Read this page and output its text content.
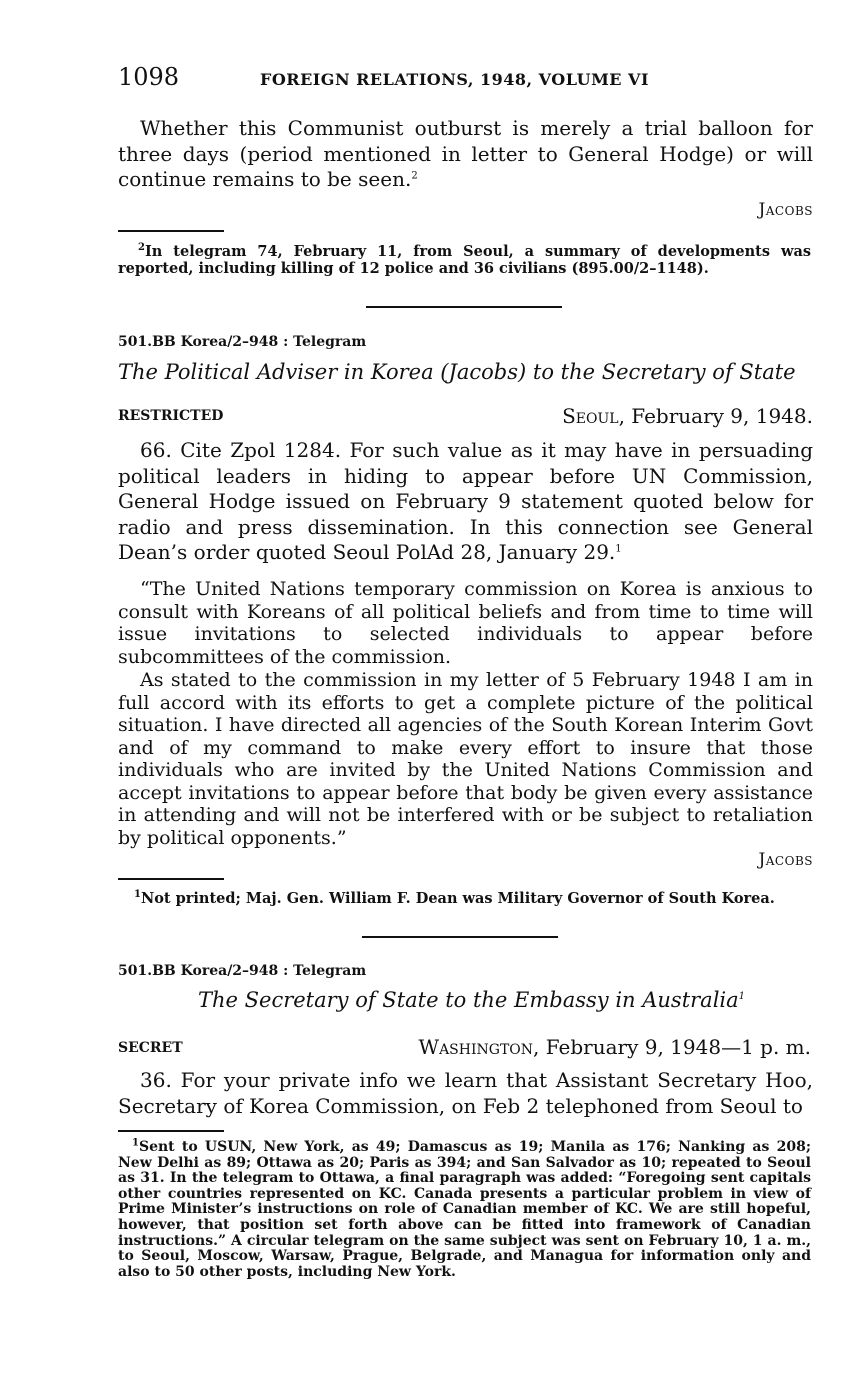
1098	FOREIGN RELATIONS, 1948, VOLUME VI

Whether this Communist outburst is merely a trial balloon for three days (period mentioned in letter to General Hodge) or will continue remains to be seen.$^2$

Jacobs

$^2$In telegram 74, February 11, from Seoul, a summary of developments was reported, including killing of 12 police and 36 civilians (895.00/2–1148).

501.BB Korea/2–948 : Telegram
The Political Adviser in Korea (Jacobs) to the Secretary of State
RESTRICTED	Seoul, February 9, 1948.

66. Cite Zpol 1284. For such value as it may have in persuading political leaders in hiding to appear before UN Commission, General Hodge issued on February 9 statement quoted below for radio and press dissemination. In this connection see General Dean’s order quoted Seoul PolAd 28, January 29.$^1$

“The United Nations temporary commission on Korea is anxious to consult with Koreans of all political beliefs and from time to time will issue invitations to selected individuals to appear before subcommittees of the commission.

As stated to the commission in my letter of 5 February 1948 I am in full accord with its efforts to get a complete picture of the political situation. I have directed all agencies of the South Korean Interim Govt and of my command to make every effort to insure that those individuals who are invited by the United Nations Commission and accept invitations to appear before that body be given every assistance in attending and will not be interfered with or be subject to retaliation by political opponents.”

Jacobs

$^1$Not printed; Maj. Gen. William F. Dean was Military Governor of South Korea.

501.BB Korea/2–948 : Telegram
The Secretary of State to the Embassy in Australia$^1$
SECRET	Washington, February 9, 1948—1 p. m.

36. For your private info we learn that Assistant Secretary Hoo, Secretary of Korea Commission, on Feb 2 telephoned from Seoul to

$^1$Sent to USUN, New York, as 49; Damascus as 19; Manila as 176; Nanking as 208; New Delhi as 89; Ottawa as 20; Paris as 394; and San Salvador as 10; repeated to Seoul as 31. In the telegram to Ottawa, a final paragraph was added: “Foregoing sent capitals other countries represented on KC. Canada presents a particular problem in view of Prime Minister’s instructions on role of Canadian member of KC. We are still hopeful, however, that position set forth above can be fitted into framework of Canadian instructions.” A circular telegram on the same subject was sent on February 10, 1 a. m., to Seoul, Moscow, Warsaw, Prague, Belgrade, and Managua for information only and also to 50 other posts, including New York.
